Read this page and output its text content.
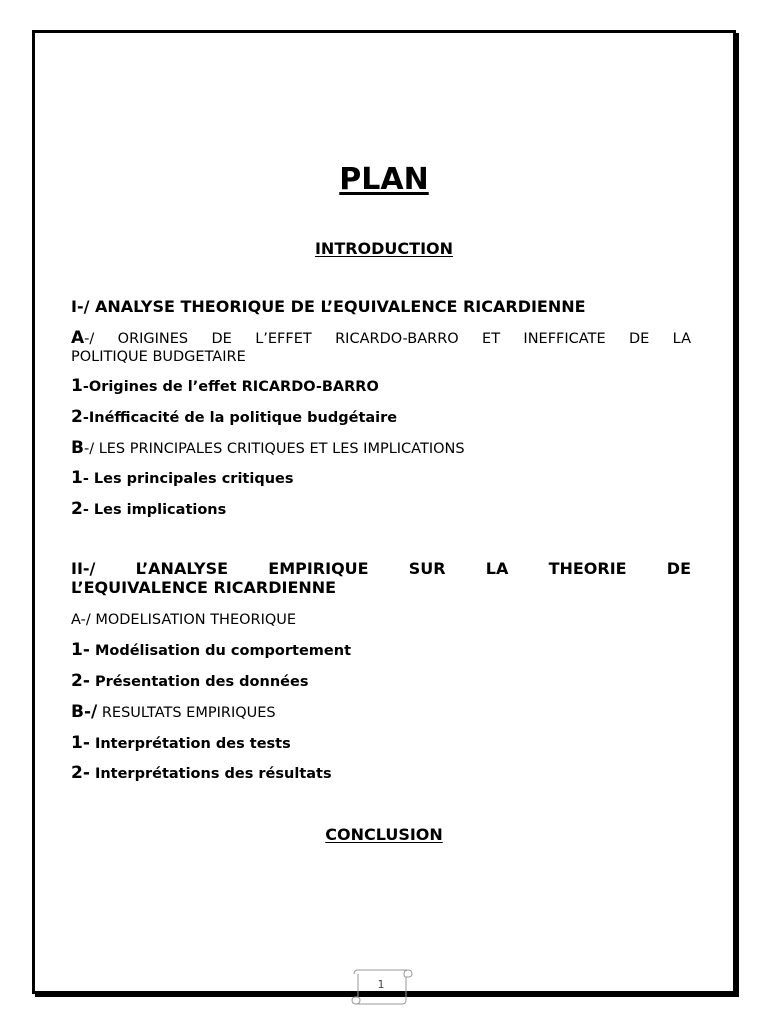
PLAN
INTRODUCTION
I-/ ANALYSE THEORIQUE DE L’EQUIVALENCE RICARDIENNE
A-/ ORIGINES DE L’EFFET RICARDO-BARRO ET INEFFICATE DE LA
POLITIQUE BUDGETAIRE
1-Origines de l’effet RICARDO-BARRO
2-Inéfficacité de la politique budgétaire
B-/ LES PRINCIPALES CRITIQUES ET LES IMPLICATIONS
1- Les principales critiques
2- Les implications
II-/ L’ANALYSE EMPIRIQUE SUR LA THEORIE DE
L’EQUIVALENCE RICARDIENNE
A-/ MODELISATION THEORIQUE
1- Modélisation du comportement
2- Présentation des données
B-/ RESULTATS EMPIRIQUES
1- Interprétation des tests
2- Interprétations des résultats
CONCLUSION
1
